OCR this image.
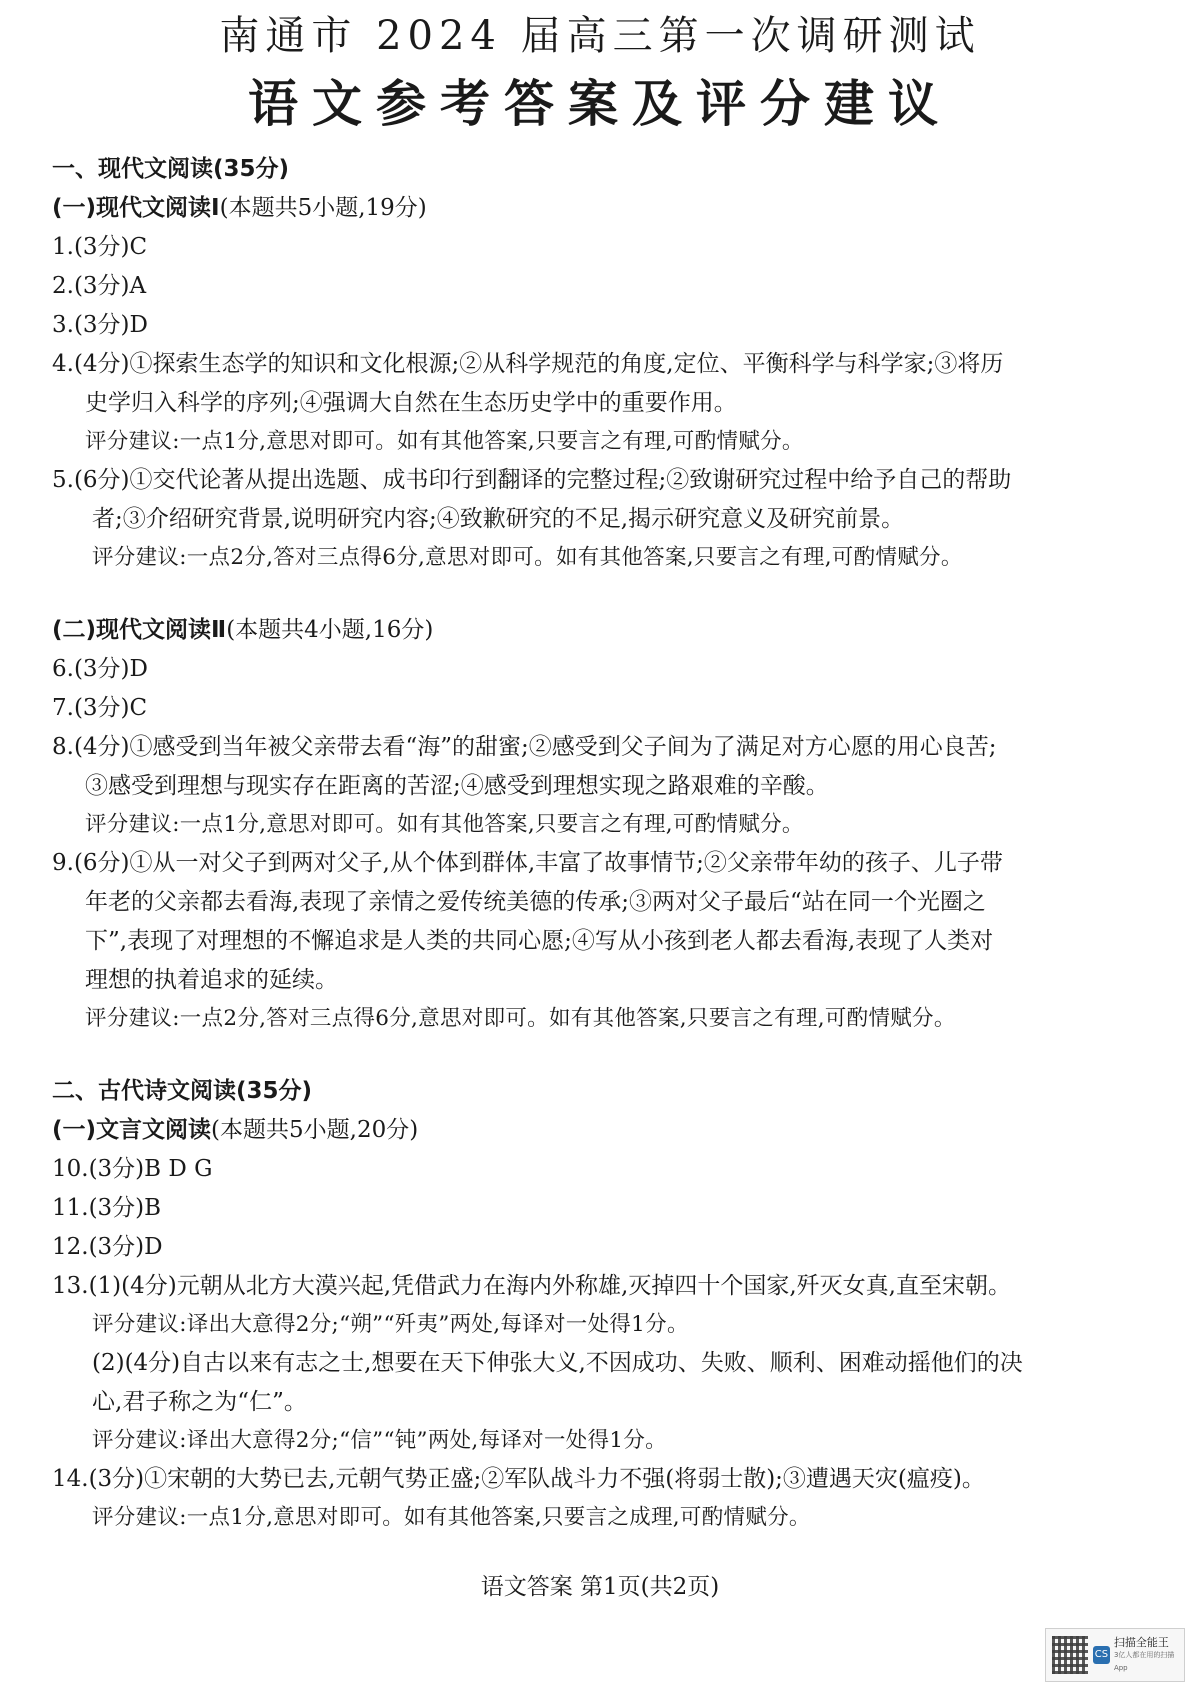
南通市 2024 届高三第一次调研测试
语文参考答案及评分建议
一、现代文阅读(35分)
(一)现代文阅读Ⅰ(本题共5小题,19分)
1.(3分)C
2.(3分)A
3.(3分)D
4.(4分)①探索生态学的知识和文化根源;②从科学规范的角度,定位、平衡科学与科学家;③将历
史学归入科学的序列;④强调大自然在生态历史学中的重要作用。
评分建议:一点1分,意思对即可。如有其他答案,只要言之有理,可酌情赋分。
5.(6分)①交代论著从提出选题、成书印行到翻译的完整过程;②致谢研究过程中给予自己的帮助
者;③介绍研究背景,说明研究内容;④致歉研究的不足,揭示研究意义及研究前景。
评分建议:一点2分,答对三点得6分,意思对即可。如有其他答案,只要言之有理,可酌情赋分。
(二)现代文阅读Ⅱ(本题共4小题,16分)
6.(3分)D
7.(3分)C
8.(4分)①感受到当年被父亲带去看“海”的甜蜜;②感受到父子间为了满足对方心愿的用心良苦;
③感受到理想与现实存在距离的苦涩;④感受到理想实现之路艰难的辛酸。
评分建议:一点1分,意思对即可。如有其他答案,只要言之有理,可酌情赋分。
9.(6分)①从一对父子到两对父子,从个体到群体,丰富了故事情节;②父亲带年幼的孩子、儿子带
年老的父亲都去看海,表现了亲情之爱传统美德的传承;③两对父子最后“站在同一个光圈之
下”,表现了对理想的不懈追求是人类的共同心愿;④写从小孩到老人都去看海,表现了人类对
理想的执着追求的延续。
评分建议:一点2分,答对三点得6分,意思对即可。如有其他答案,只要言之有理,可酌情赋分。
二、古代诗文阅读(35分)
(一)文言文阅读(本题共5小题,20分)
10.(3分)B D G
11.(3分)B
12.(3分)D
13.(1)(4分)元朝从北方大漠兴起,凭借武力在海内外称雄,灭掉四十个国家,歼灭女真,直至宋朝。
评分建议:译出大意得2分;“朔”“歼夷”两处,每译对一处得1分。
(2)(4分)自古以来有志之士,想要在天下伸张大义,不因成功、失败、顺利、困难动摇他们的决
心,君子称之为“仁”。
评分建议:译出大意得2分;“信”“钝”两处,每译对一处得1分。
14.(3分)①宋朝的大势已去,元朝气势正盛;②军队战斗力不强(将弱士散);③遭遇天灾(瘟疫)。
评分建议:一点1分,意思对即可。如有其他答案,只要言之成理,可酌情赋分。
语文答案 第1页(共2页)
CS
扫描全能王
3亿人都在用的扫描App
